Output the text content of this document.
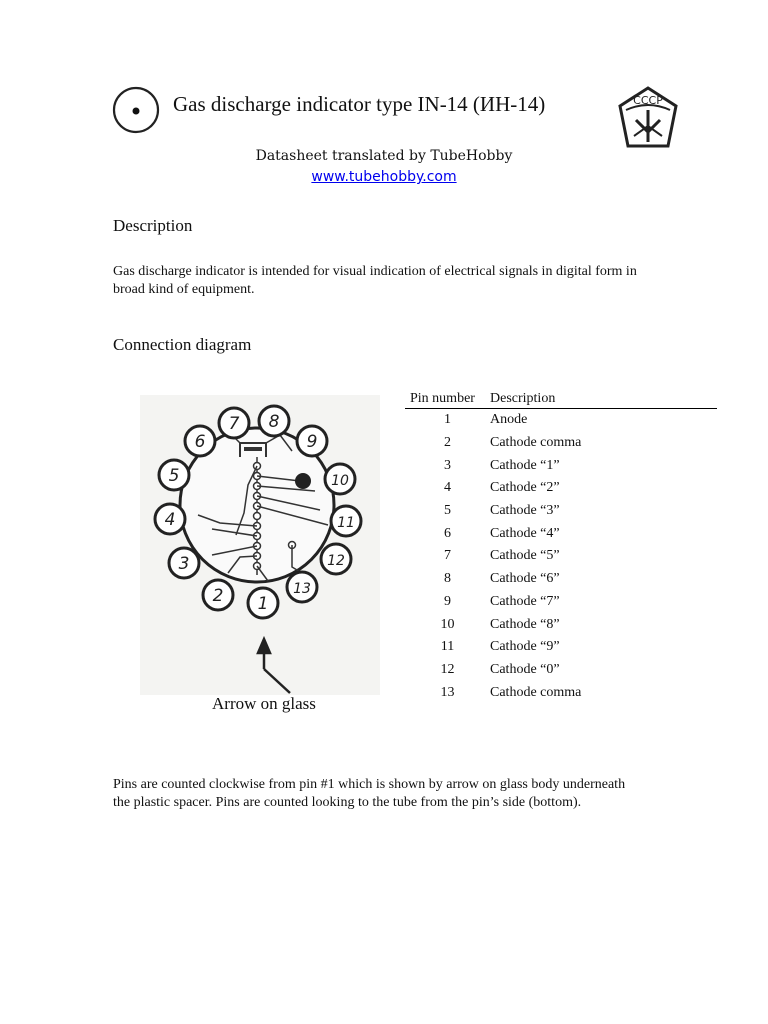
Gas discharge indicator type IN-14 (ИН-14)	СССР
Datasheet translated by TubeHobby
www.tubehobby.com
Description
Gas discharge indicator is intended for visual indication of electrical signals in digital form in broad kind of equipment.
Connection diagram
1
2
3
4
5
6
7 8
9
10
11
12
13
Arrow on glass
Pin number	Description
1	Anode
2	Cathode comma
3	Cathode “1”
4	Cathode “2”
5	Cathode “3”
6	Cathode “4”
7	Cathode “5”
8	Cathode “6”
9	Cathode “7”
10	Cathode “8”
11	Cathode “9”
12	Cathode “0”
13	Cathode comma
Pins are counted clockwise from pin #1 which is shown by arrow on glass body underneath the plastic spacer. Pins are counted looking to the tube from the pin’s side (bottom).
